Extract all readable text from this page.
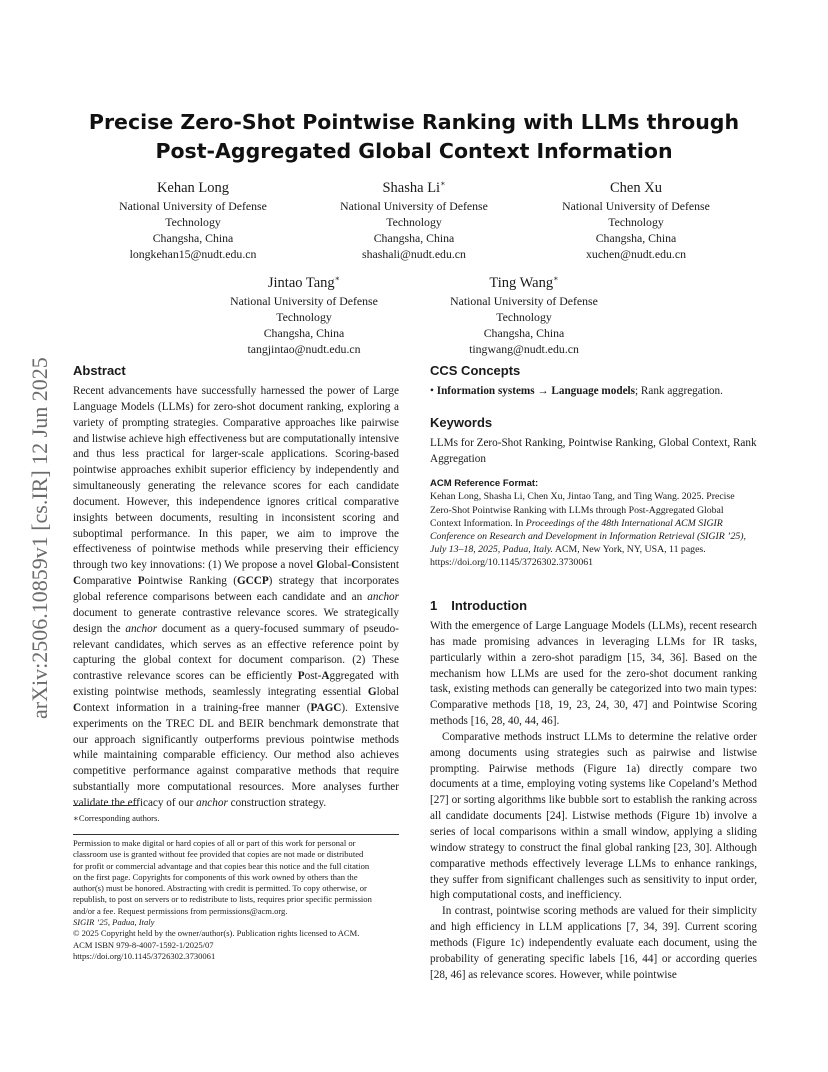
arXiv:2506.10859v1 [cs.IR] 12 Jun 2025
Precise Zero-Shot Pointwise Ranking with LLMs through
Post-Aggregated Global Context Information
Kehan Long
National University of Defense
Technology
Changsha, China
longkehan15@nudt.edu.cn
Shasha Li∗
National University of Defense
Technology
Changsha, China
shashali@nudt.edu.cn
Chen Xu
National University of Defense
Technology
Changsha, China
xuchen@nudt.edu.cn
Jintao Tang∗
National University of Defense
Technology
Changsha, China
tangjintao@nudt.edu.cn
Ting Wang∗
National University of Defense
Technology
Changsha, China
tingwang@nudt.edu.cn
Abstract

Recent advancements have successfully harnessed the power of Large Language Models (LLMs) for zero-shot document ranking, exploring a variety of prompting strategies. Comparative approaches like pairwise and listwise achieve high effectiveness but are computationally intensive and thus less practical for larger-scale applications. Scoring-based pointwise approaches exhibit superior efficiency by independently and simultaneously generating the relevance scores for each candidate document. However, this independence ignores critical comparative insights between documents, resulting in inconsistent scoring and suboptimal performance. In this paper, we aim to improve the effectiveness of pointwise methods while preserving their efficiency through two key innovations: (1) We propose a novel Global-Consistent Comparative Pointwise Ranking (GCCP) strategy that incorporates global reference comparisons between each candidate and an anchor document to generate contrastive relevance scores. We strategically design the anchor document as a query-focused summary of pseudo-relevant candidates, which serves as an effective reference point by capturing the global context for document comparison. (2) These contrastive relevance scores can be efficiently Post-Aggregated with existing pointwise methods, seamlessly integrating essential Global Context information in a training-free manner (PAGC). Extensive experiments on the TREC DL and BEIR benchmark demonstrate that our approach significantly outperforms previous pointwise methods while maintaining comparable efficiency. Our method also achieves competitive performance against comparative methods that require substantially more computational resources. More analyses further validate the efficacy of our anchor construction strategy.

∗Corresponding authors.
Permission to make digital or hard copies of all or part of this work for personal or
classroom use is granted without fee provided that copies are not made or distributed
for profit or commercial advantage and that copies bear this notice and the full citation
on the first page. Copyrights for components of this work owned by others than the
author(s) must be honored. Abstracting with credit is permitted. To copy otherwise, or
republish, to post on servers or to redistribute to lists, requires prior specific permission
and/or a fee. Request permissions from permissions@acm.org.
SIGIR ’25, Padua, Italy
© 2025 Copyright held by the owner/author(s). Publication rights licensed to ACM.
ACM ISBN 979-8-4007-1592-1/2025/07
https://doi.org/10.1145/3726302.3730061
CCS Concepts
• Information systems → Language models; Rank aggregation.
Keywords

LLMs for Zero-Shot Ranking, Pointwise Ranking, Global Context, Rank Aggregation

ACM Reference Format:
Kehan Long, Shasha Li, Chen Xu, Jintao Tang, and Ting Wang. 2025. Precise Zero-Shot Pointwise Ranking with LLMs through Post-Aggregated Global Context Information. In Proceedings of the 48th International ACM SIGIR Conference on Research and Development in Information Retrieval (SIGIR ’25), July 13–18, 2025, Padua, Italy. ACM, New York, NY, USA, 11 pages. https://doi.org/10.1145/3726302.3730061
1 Introduction

With the emergence of Large Language Models (LLMs), recent research has made promising advances in leveraging LLMs for IR tasks, particularly within a zero-shot paradigm [15, 34, 36]. Based on the mechanism how LLMs are used for the zero-shot document ranking task, existing methods can generally be categorized into two main types: Comparative methods [18, 19, 23, 24, 30, 47] and Pointwise Scoring methods [16, 28, 40, 44, 46].

Comparative methods instruct LLMs to determine the relative order among documents using strategies such as pairwise and listwise prompting. Pairwise methods (Figure 1a) directly compare two documents at a time, employing voting systems like Copeland’s Method [27] or sorting algorithms like bubble sort to establish the ranking across all candidate documents [24]. Listwise methods (Figure 1b) involve a series of local comparisons within a small window, applying a sliding window strategy to construct the final global ranking [23, 30]. Although comparative methods effectively leverage LLMs to enhance rankings, they suffer from significant challenges such as sensitivity to input order, high computational costs, and inefficiency.

In contrast, pointwise scoring methods are valued for their simplicity and high efficiency in LLM applications [7, 34, 39]. Current scoring methods (Figure 1c) independently evaluate each document, using the probability of generating specific labels [16, 44] or according queries [28, 46] as relevance scores. However, while pointwise
